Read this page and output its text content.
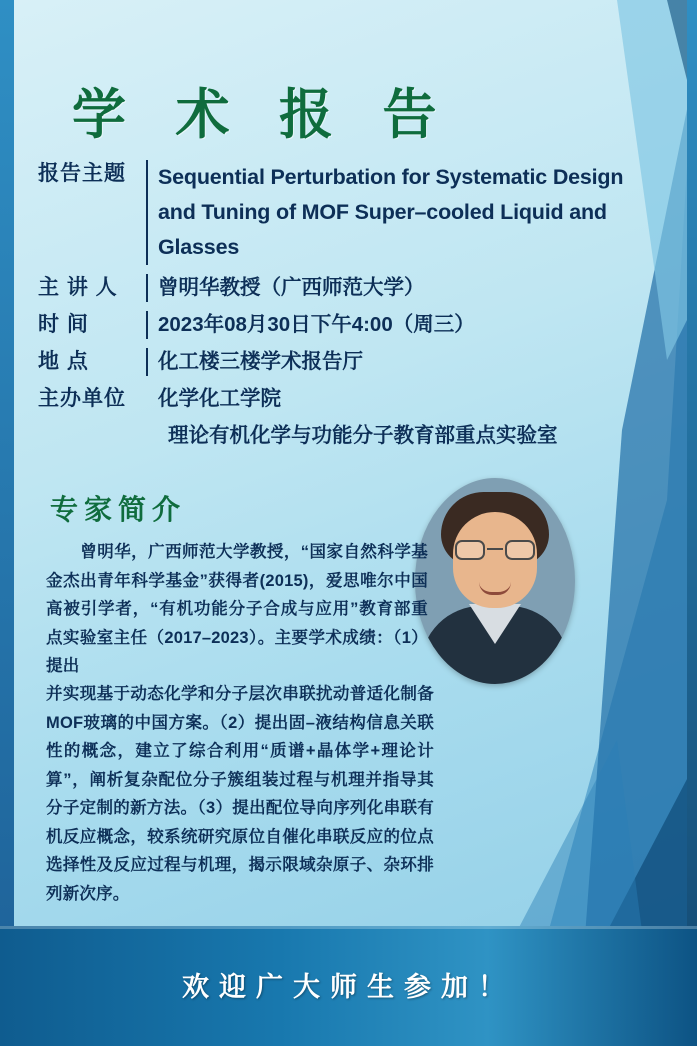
学 术 报 告
报告主题	Sequential Perturbation for Systematic Design and Tuning of MOF Super–cooled Liquid and Glasses
主 讲 人	曾明华教授（广西师范大学）
时 间	2023年08月30日下午4:00（周三）
地 点	化工楼三楼学术报告厅
主办单位	化学化工学院
理论有机化学与功能分子教育部重点实验室
专家简介
曾明华，广西师范大学教授，“国家自然科学基金杰出青年科学基金”获得者(2015)，爱思唯尔中国高被引学者，“有机功能分子合成与应用”教育部重点实验室主任（2017–2023）。主要学术成绩：（1）提出
并实现基于动态化学和分子层次串联扰动普适化制备MOF玻璃的中国方案。（2）提出固–液结构信息关联性的概念，建立了综合利用“质谱+晶体学+理论计算”，阐析复杂配位分子簇组装过程与机理并指导其分子定制的新方法。（3）提出配位导向序列化串联有机反应概念，较系统研究原位自催化串联反应的位点选择性及反应过程与机理，揭示限域杂原子、杂环排列新次序。
欢迎广大师生参加！
